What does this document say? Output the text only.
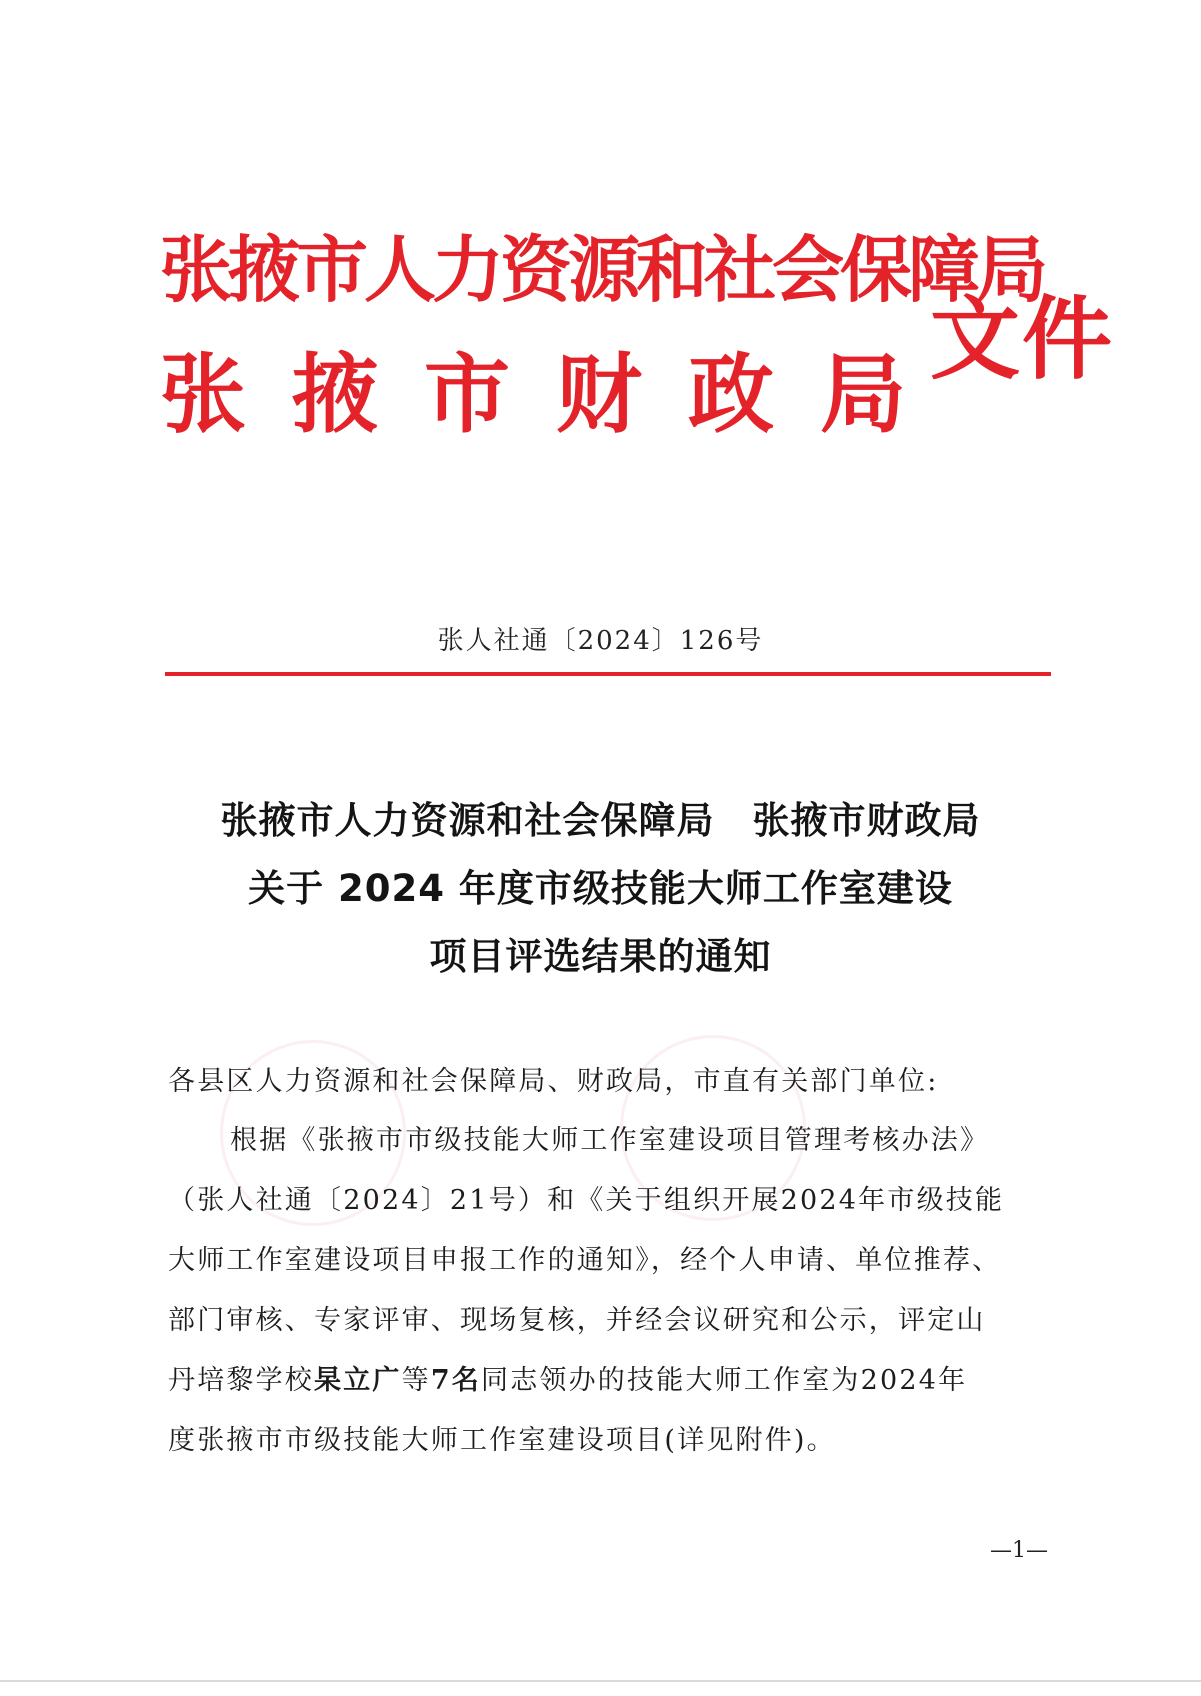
张掖市人力资源和社会保障局
张掖市财政局
文件
张人社通〔2024〕126号
张掖市人力资源和社会保障局　张掖市财政局
关于 2024 年度市级技能大师工作室建设
项目评选结果的通知
各县区人力资源和社会保障局、财政局，市直有关部门单位:
根据《张掖市市级技能大师工作室建设项目管理考核办法》
（张人社通〔2024〕21号）和《关于组织开展2024年市级技能
大师工作室建设项目申报工作的通知》，经个人申请、单位推荐、
部门审核、专家评审、现场复核，并经会议研究和公示，评定山
丹培黎学校杲立广等7名同志领办的技能大师工作室为2024年
度张掖市市级技能大师工作室建设项目(详见附件)。
—1—
